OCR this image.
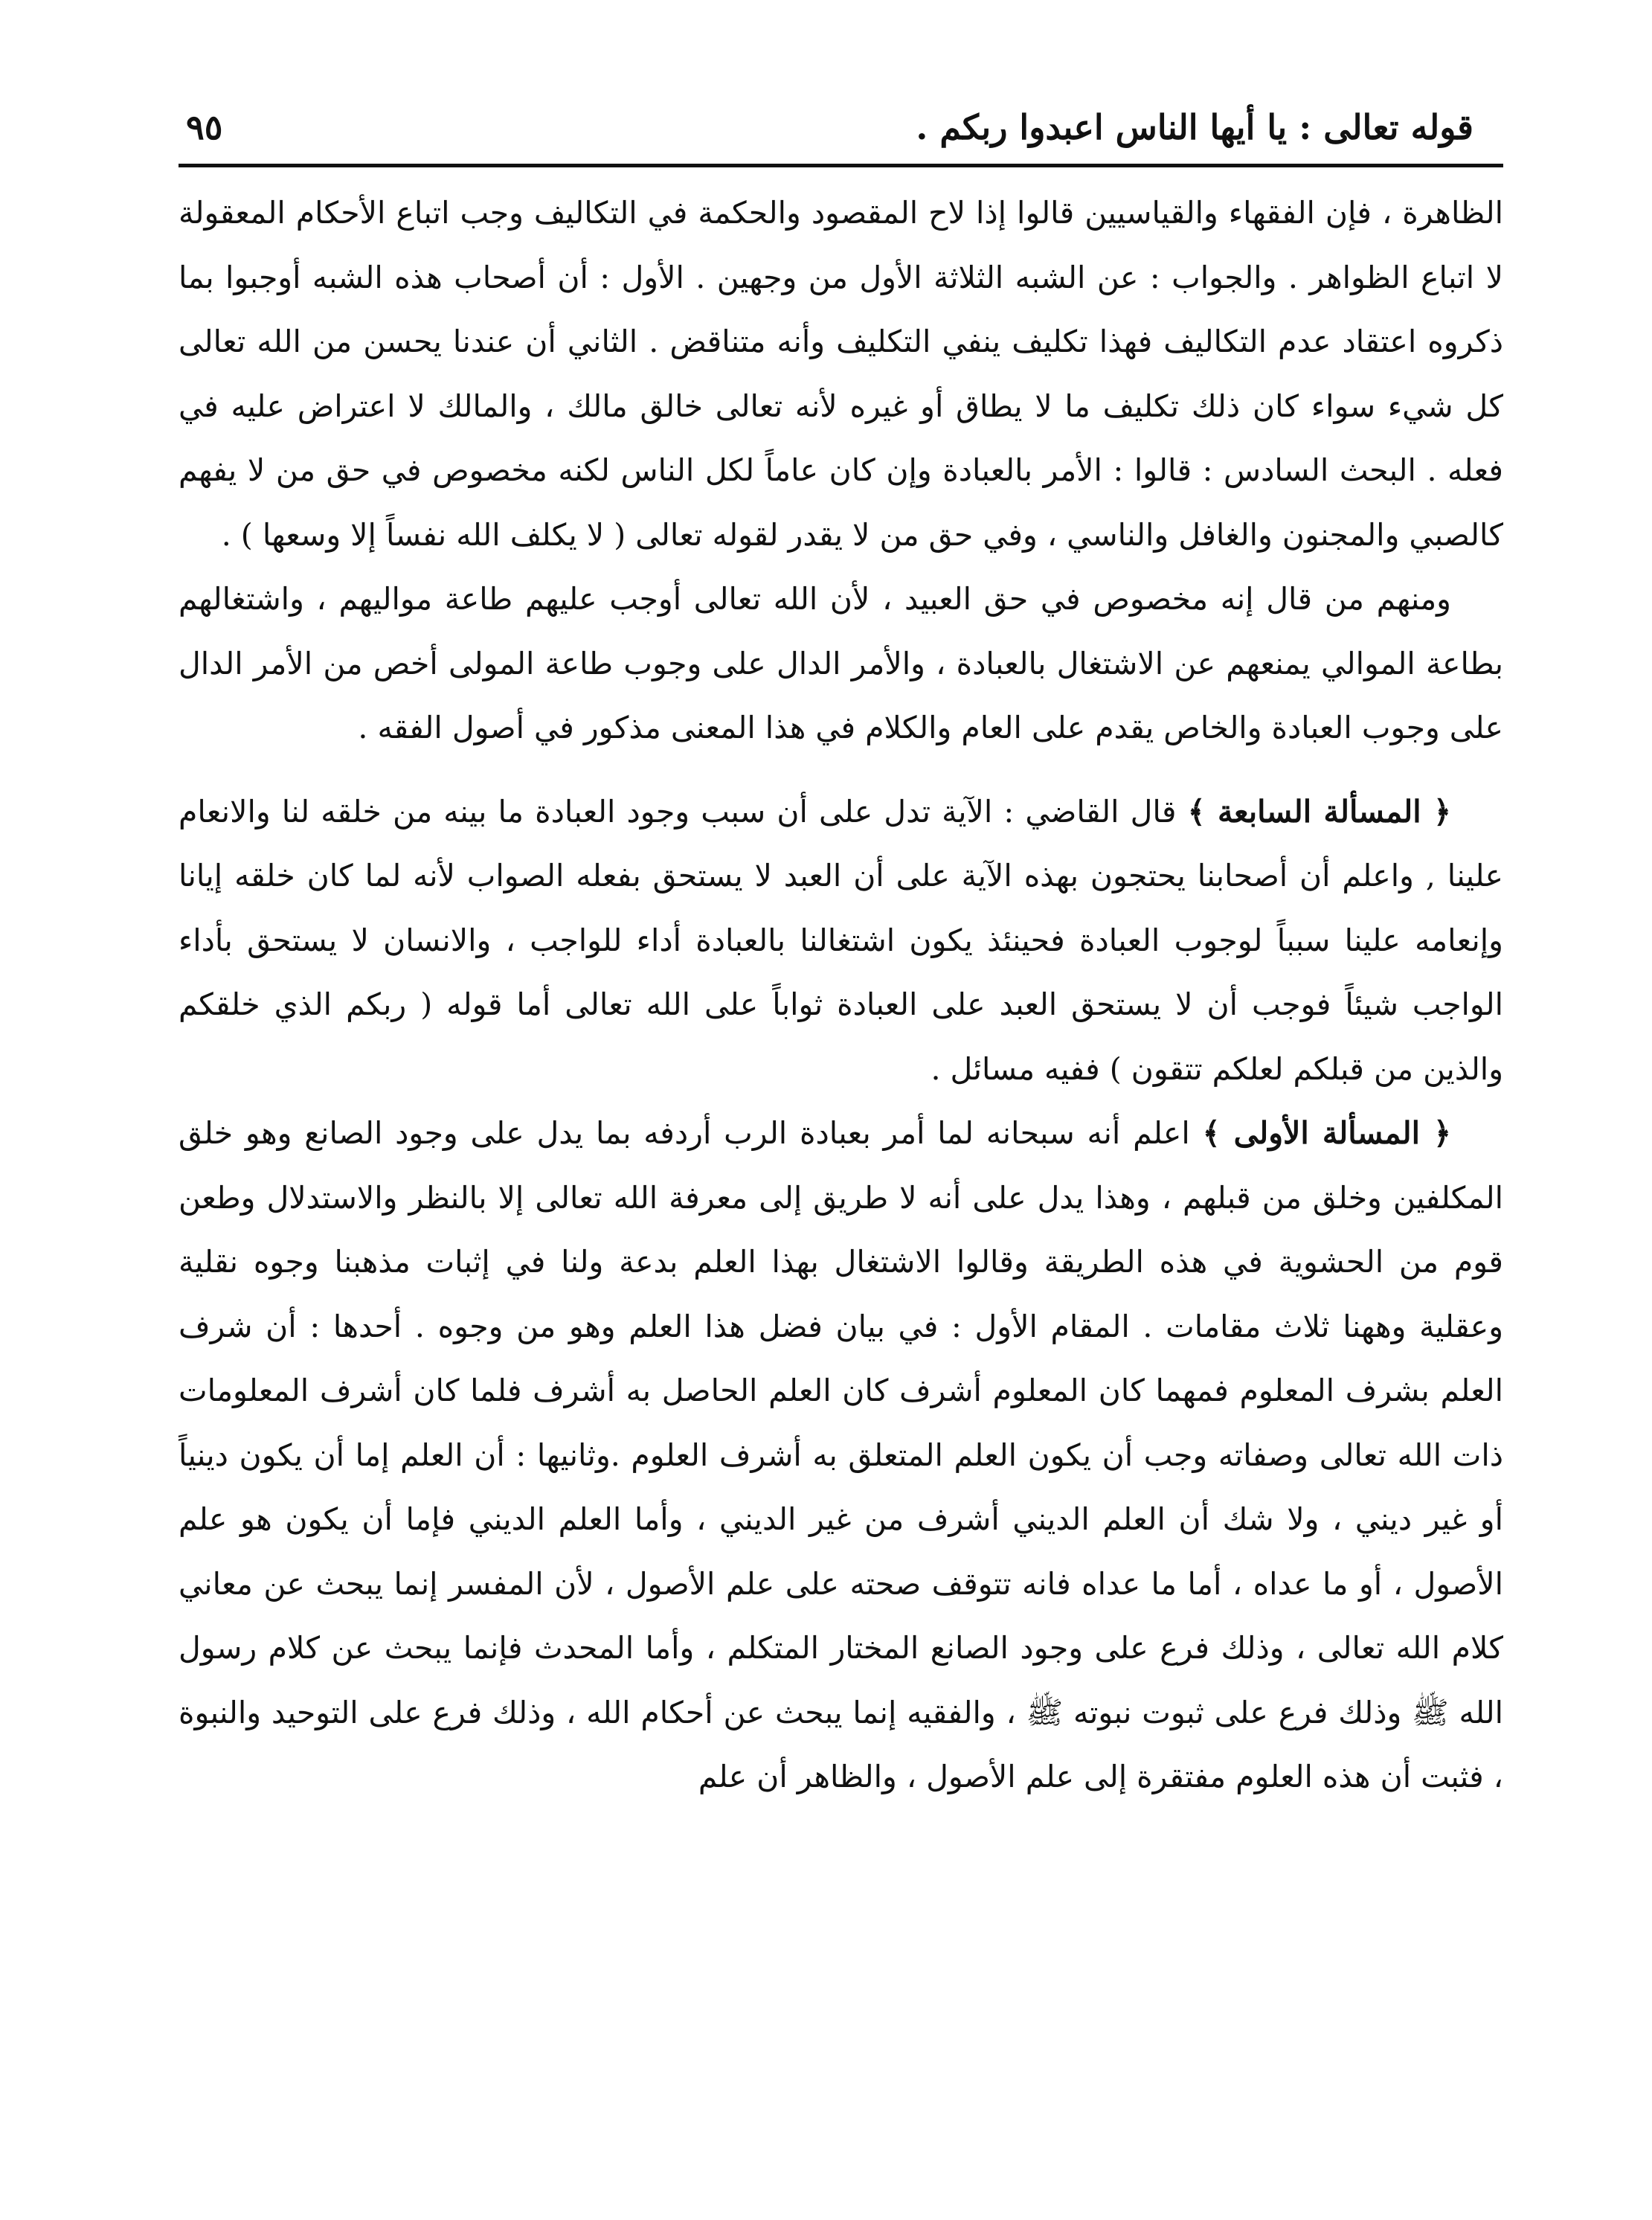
قوله تعالى : يا أيها الناس اعبدوا ربكم .
٩٥

الظاهرة ، فإن الفقهاء والقياسيين قالوا إذا لاح المقصود والحكمة في التكاليف وجب اتباع الأحكام المعقولة لا اتباع الظواهر . والجواب : عن الشبه الثلاثة الأول من وجهين . الأول : أن أصحاب هذه الشبه أوجبوا بما ذكروه اعتقاد عدم التكاليف فهذا تكليف ينفي التكليف وأنه متناقض . الثاني أن عندنا يحسن من الله تعالى كل شيء سواء كان ذلك تكليف ما لا يطاق أو غيره لأنه تعالى خالق مالك ، والمالك لا اعتراض عليه في فعله . البحث السادس : قالوا : الأمر بالعبادة وإن كان عاماً لكل الناس لكنه مخصوص في حق من لا يفهم كالصبي والمجنون والغافل والناسي ، وفي حق من لا يقدر لقوله تعالى ( لا يكلف الله نفساً إلا وسعها ) .

ومنهم من قال إنه مخصوص في حق العبيد ، لأن الله تعالى أوجب عليهم طاعة مواليهم ، واشتغالهم بطاعة الموالي يمنعهم عن الاشتغال بالعبادة ، والأمر الدال على وجوب طاعة المولى أخص من الأمر الدال على وجوب العبادة والخاص يقدم على العام والكلام في هذا المعنى مذكور في أصول الفقه .

﴿ المسألة السابعة ﴾ قال القاضي : الآية تدل على أن سبب وجود العبادة ما بينه من خلقه لنا والانعام علينا , واعلم أن أصحابنا يحتجون بهذه الآية على أن العبد لا يستحق بفعله الصواب لأنه لما كان خلقه إيانا وإنعامه علينا سبباً لوجوب العبادة فحينئذ يكون اشتغالنا بالعبادة أداء للواجب ، والانسان لا يستحق بأداء الواجب شيئاً فوجب أن لا يستحق العبد على العبادة ثواباً على الله تعالى أما قوله ( ربكم الذي خلقكم والذين من قبلكم لعلكم تتقون ) ففيه مسائل .

﴿ المسألة الأولى ﴾ اعلم أنه سبحانه لما أمر بعبادة الرب أردفه بما يدل على وجود الصانع وهو خلق المكلفين وخلق من قبلهم ، وهذا يدل على أنه لا طريق إلى معرفة الله تعالى إلا بالنظر والاستدلال وطعن قوم من الحشوية في هذه الطريقة وقالوا الاشتغال بهذا العلم بدعة ولنا في إثبات مذهبنا وجوه نقلية وعقلية وههنا ثلاث مقامات . المقام الأول : في بيان فضل هذا العلم وهو من وجوه . أحدها : أن شرف العلم بشرف المعلوم فمهما كان المعلوم أشرف كان العلم الحاصل به أشرف فلما كان أشرف المعلومات ذات الله تعالى وصفاته وجب أن يكون العلم المتعلق به أشرف العلوم .وثانيها : أن العلم إما أن يكون دينياً أو غير ديني ، ولا شك أن العلم الديني أشرف من غير الديني ، وأما العلم الديني فإما أن يكون هو علم الأصول ، أو ما عداه ، أما ما عداه فانه تتوقف صحته على علم الأصول ، لأن المفسر إنما يبحث عن معاني كلام الله تعالى ، وذلك فرع على وجود الصانع المختار المتكلم ، وأما المحدث فإنما يبحث عن كلام رسول الله ﷺ وذلك فرع على ثبوت نبوته ﷺ ، والفقيه إنما يبحث عن أحكام الله ، وذلك فرع على التوحيد والنبوة ، فثبت أن هذه العلوم مفتقرة إلى علم الأصول ، والظاهر أن علم
